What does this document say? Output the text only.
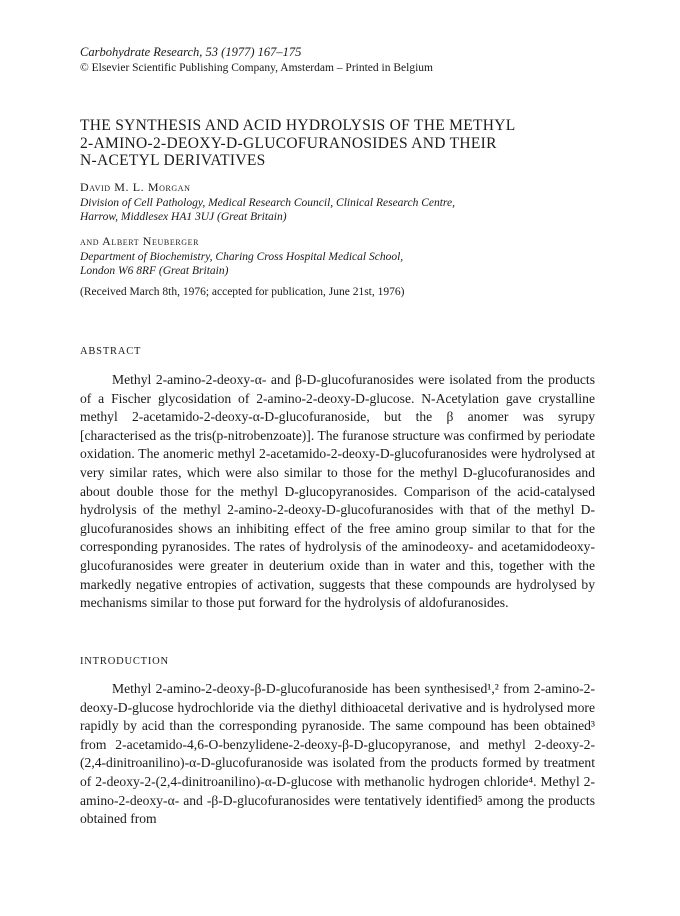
Carbohydrate Research, 53 (1977) 167–175
© Elsevier Scientific Publishing Company, Amsterdam – Printed in Belgium
THE SYNTHESIS AND ACID HYDROLYSIS OF THE METHYL
2-AMINO-2-DEOXY-D-GLUCOFURANOSIDES AND THEIR
N-ACETYL DERIVATIVES
David M. L. Morgan
Division of Cell Pathology, Medical Research Council, Clinical Research Centre,
Harrow, Middlesex HA1 3UJ (Great Britain)
and Albert Neuberger
Department of Biochemistry, Charing Cross Hospital Medical School,
London W6 8RF (Great Britain)
(Received March 8th, 1976; accepted for publication, June 21st, 1976)
ABSTRACT
Methyl 2-amino-2-deoxy-α- and β-D-glucofuranosides were isolated from the products of a Fischer glycosidation of 2-amino-2-deoxy-D-glucose. N-Acetylation gave crystalline methyl 2-acetamido-2-deoxy-α-D-glucofuranoside, but the β anomer was syrupy [characterised as the tris(p-nitrobenzoate)]. The furanose structure was confirmed by periodate oxidation. The anomeric methyl 2-acetamido-2-deoxy-D-glucofuranosides were hydrolysed at very similar rates, which were also similar to those for the methyl D-glucofuranosides and about double those for the methyl D-glucopyranosides. Comparison of the acid-catalysed hydrolysis of the methyl 2-amino-2-deoxy-D-glucofuranosides with that of the methyl D-glucofuranosides shows an inhibiting effect of the free amino group similar to that for the corresponding pyranosides. The rates of hydrolysis of the aminodeoxy- and acetamidodeoxy-glucofuranosides were greater in deuterium oxide than in water and this, together with the markedly negative entropies of activation, suggests that these compounds are hydrolysed by mechanisms similar to those put forward for the hydrolysis of aldofuranosides.
INTRODUCTION
Methyl 2-amino-2-deoxy-β-D-glucofuranoside has been synthesised¹,² from 2-amino-2-deoxy-D-glucose hydrochloride via the diethyl dithioacetal derivative and is hydrolysed more rapidly by acid than the corresponding pyranoside. The same compound has been obtained³ from 2-acetamido-4,6-O-benzylidene-2-deoxy-β-D-glucopyranose, and methyl 2-deoxy-2-(2,4-dinitroanilino)-α-D-glucofuranoside was isolated from the products formed by treatment of 2-deoxy-2-(2,4-dinitroanilino)-α-D-glucose with methanolic hydrogen chloride⁴. Methyl 2-amino-2-deoxy-α- and -β-D-glucofuranosides were tentatively identified⁵ among the products obtained from
